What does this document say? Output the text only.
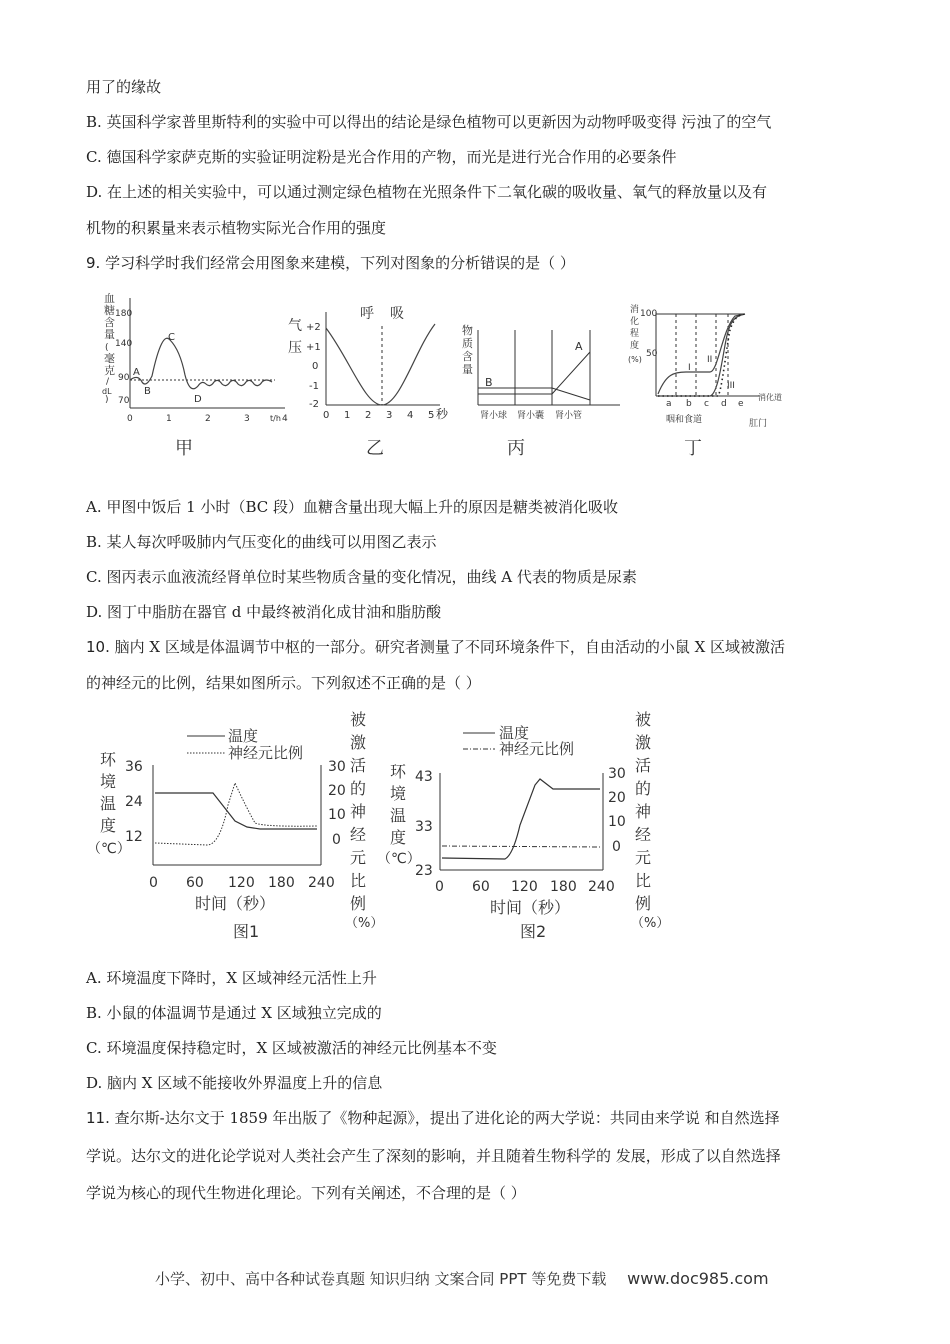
用了的缘故
B. 英国科学家普里斯特利的实验中可以得出的结论是绿色植物可以更新因为动物呼吸变得 污浊了的空气
C. 德国科学家萨克斯的实验证明淀粉是光合作用的产物，而光是进行光合作用的必要条件
D. 在上述的相关实验中，可以通过测定绿色植物在光照条件下二氧化碳的吸收量、氧气的释放量以及有
机物的积累量来表示植物实际光合作用的强度
9. 学习科学时我们经常会用图象来建模，下列对图象的分析错误的是（ ）
血
糖
含
量
(
毫
克
/
dL
)
180
140
90
70
0	1	2	3	4
t/h
A
B
C
D
甲
气
压
+2
+1
0
-1
-2
0 1 2 3 4 5 秒
呼 吸
乙
物
质
含
量
A
B
肾小球 肾小囊 肾小管
丙
消
化
程
度
(%)
100
50
I
II
III
a b c d e
咽和食道	肛门
消化道
丁
A. 甲图中饭后 1 小时（BC 段）血糖含量出现大幅上升的原因是糖类被消化吸收
B. 某人每次呼吸肺内气压变化的曲线可以用图乙表示
C. 图丙表示血液流经肾单位时某些物质含量的变化情况，曲线 A 代表的物质是尿素
D. 图丁中脂肪在器官 d 中最终被消化成甘油和脂肪酸
10. 脑内 X 区域是体温调节中枢的一部分。研究者测量了不同环境条件下，自由活动的小鼠 X 区域被激活
的神经元的比例，结果如图所示。下列叙述不正确的是（ ）
温度
神经元比例
环
境
温
度
（℃）
36
24
12
30
20
10
0
被
激
活
的
神
经
元
比
例
（%）
0 60 120 180 240
时间（秒）
图1
温度
神经元比例
环
境
温
度
（℃）
43
33
23
30
20
10
0
被
激
活
的
神
经
元
比
例
（%）
0 60 120 180 240
时间（秒）
图2
A. 环境温度下降时，X 区域神经元活性上升
B. 小鼠的体温调节是通过 X 区域独立完成的
C. 环境温度保持稳定时，X 区域被激活的神经元比例基本不变
D. 脑内 X 区域不能接收外界温度上升的信息
11. 查尔斯-达尔文于 1859 年出版了《物种起源》，提出了进化论的两大学说：共同由来学说 和自然选择
学说。达尔文的进化论学说对人类社会产生了深刻的影响，并且随着生物科学的 发展，形成了以自然选择
学说为核心的现代生物进化理论。下列有关阐述，不合理的是（ ）
小学、初中、高中各种试卷真题 知识归纳 文案合同 PPT 等免费下载 www.doc985.com
